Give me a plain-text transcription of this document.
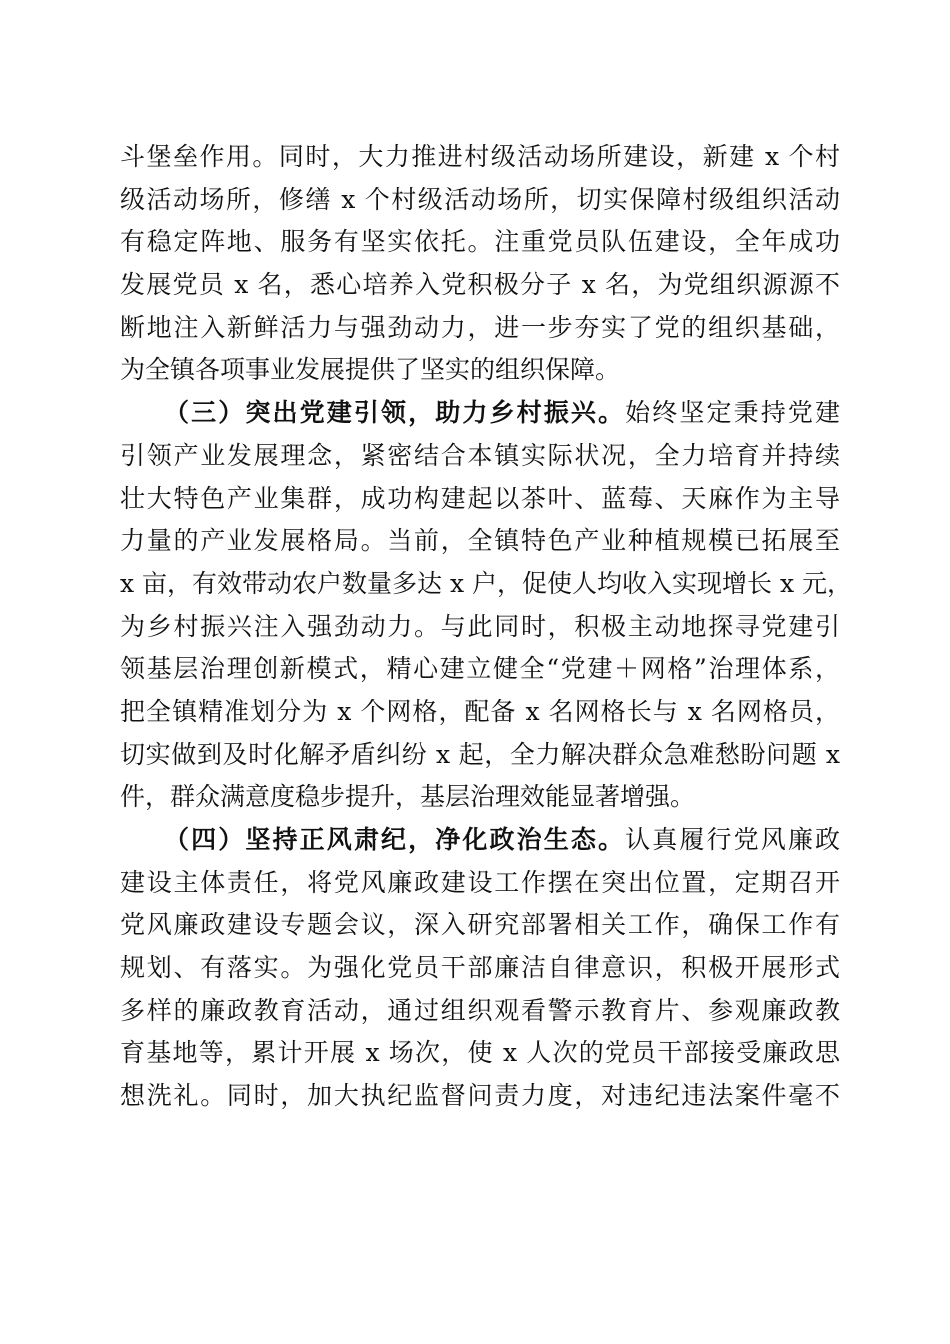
斗堡垒作用。同时，大力推进村级活动场所建设，新建 x 个村
级活动场所，修缮 x 个村级活动场所，切实保障村级组织活动
有稳定阵地、服务有坚实依托。注重党员队伍建设，全年成功
发展党员 x 名，悉心培养入党积极分子 x 名，为党组织源源不
断地注入新鲜活力与强劲动力，进一步夯实了党的组织基础，
为全镇各项事业发展提供了坚实的组织保障。
（三）突出党建引领，助力乡村振兴。始终坚定秉持党建
引领产业发展理念，紧密结合本镇实际状况，全力培育并持续
壮大特色产业集群，成功构建起以茶叶、蓝莓、天麻作为主导
力量的产业发展格局。当前，全镇特色产业种植规模已拓展至
x 亩，有效带动农户数量多达 x 户，促使人均收入实现增长 x 元，
为乡村振兴注入强劲动力。与此同时，积极主动地探寻党建引
领基层治理创新模式，精心建立健全“党建＋网格”治理体系，
把全镇精准划分为 x 个网格，配备 x 名网格长与 x 名网格员，
切实做到及时化解矛盾纠纷 x 起，全力解决群众急难愁盼问题 x
件，群众满意度稳步提升，基层治理效能显著增强。
（四）坚持正风肃纪，净化政治生态。认真履行党风廉政
建设主体责任，将党风廉政建设工作摆在突出位置，定期召开
党风廉政建设专题会议，深入研究部署相关工作，确保工作有
规划、有落实。为强化党员干部廉洁自律意识，积极开展形式
多样的廉政教育活动，通过组织观看警示教育片、参观廉政教
育基地等，累计开展 x 场次，使 x 人次的党员干部接受廉政思
想洗礼。同时，加大执纪监督问责力度，对违纪违法案件毫不
